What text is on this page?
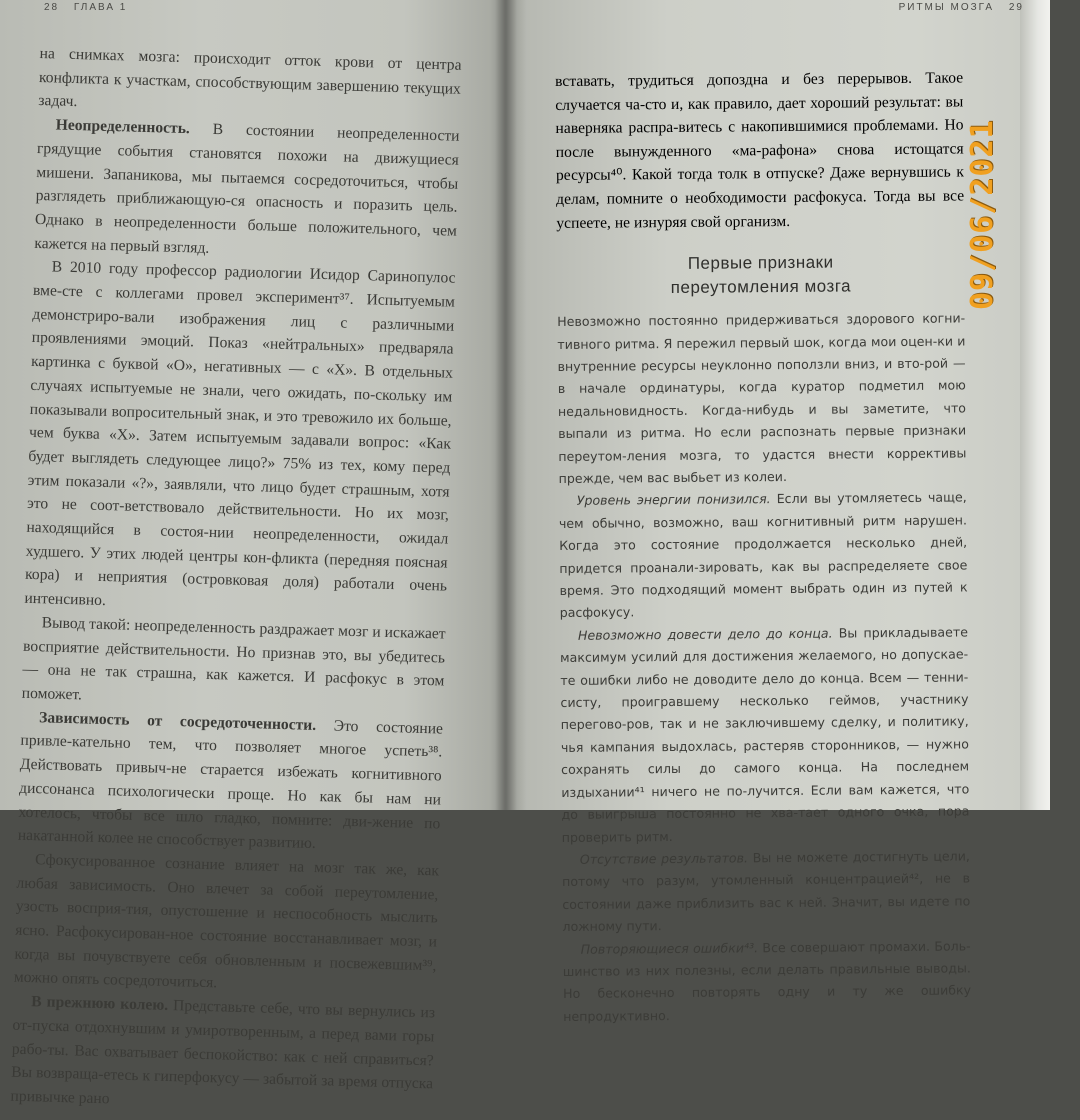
28 ГЛАВА 1

на снимках мозга: происходит отток крови от центра конфликта к участкам, способствующим завершению текущих задач.

Неопределенность. В состоянии неопределенности грядущие события становятся похожи на движущиеся мишени. Запаникова, мы пытаемся сосредоточиться, чтобы разглядеть приближающую-ся опасность и поразить цель. Однако в неопределенности больше положительного, чем кажется на первый взгляд.

В 2010 году профессор радиологии Исидор Саринопулос вме-сте с коллегами провел эксперимент³⁷. Испытуемым демонстриро-вали изображения лиц с различными проявлениями эмоций. Показ «нейтральных» предваряла картинка с буквой «О», негативных — с «Х». В отдельных случаях испытуемые не знали, чего ожидать, по-скольку им показывали вопросительный знак, и это тревожило их больше, чем буква «Х». Затем испытуемым задавали вопрос: «Как будет выглядеть следующее лицо?» 75% из тех, кому перед этим показали «?», заявляли, что лицо будет страшным, хотя это не соот-ветствовало действительности. Но их мозг, находящийся в состоя-нии неопределенности, ожидал худшего. У этих людей центры кон-фликта (передняя поясная кора) и неприятия (островковая доля) работали очень интенсивно.

Вывод такой: неопределенность раздражает мозг и искажает восприятие действительности. Но признав это, вы убедитесь — она не так страшна, как кажется. И расфокус в этом поможет.

Зависимость от сосредоточенности. Это состояние привле-кательно тем, что позволяет многое успеть³⁸. Действовать привыч-не старается избежать когнитивного диссонанса психологически проще. Но как бы нам ни хотелось, чтобы все шло гладко, помните: дви-жение по накатанной колее не способствует развитию.

Сфокусированное сознание влияет на мозг так же, как любая зависимость. Оно влечет за собой переутомление, узость восприя-тия, опустошение и неспособность мыслить ясно. Расфокусирован-ное состояние восстанавливает мозг, и когда вы почувствуете себя обновленным и посвежевшим³⁹, можно опять сосредоточиться.

В прежнюю колею. Представьте себе, что вы вернулись из от-пуска отдохнувшим и умиротворенным, а перед вами горы рабо-ты. Вас охватывает беспокойство: как с ней справиться? Вы возвраща-етесь к гиперфокусу — забытой за время отпуска привычке рано

РИТМЫ МОЗГА 29

вставать, трудиться допоздна и без перерывов. Такое случается ча-сто и, как правило, дает хороший результат: вы наверняка распра-витесь с накопившимися проблемами. Но после вынужденного «ма-рафона» снова истощатся ресурсы⁴⁰. Какой тогда толк в отпуске? Даже вернувшись к делам, помните о необходимости расфокуса. Тогда вы все успеете, не изнуряя свой организм.

Первые признаки
переутомления мозга

Невозможно постоянно придерживаться здорового когни-тивного ритма. Я пережил первый шок, когда мои оцен-ки и внутренние ресурсы неуклонно поползли вниз, и вто-рой — в начале ординатуры, когда куратор подметил мою недальновидность. Когда-нибудь и вы заметите, что выпали из ритма. Но если распознать первые признаки переутом-ления мозга, то удастся внести коррективы прежде, чем вас выбьет из колеи.

Уровень энергии понизился. Если вы утомляетесь чаще, чем обычно, возможно, ваш когнитивный ритм нарушен. Когда это состояние продолжается несколько дней, придется проанали-зировать, как вы распределяете свое время. Это подходящий момент выбрать один из путей к расфокусу.

Невозможно довести дело до конца. Вы прикладываете максимум усилий для достижения желаемого, но допускае-те ошибки либо не доводите дело до конца. Всем — тенни-систу, проигравшему несколько геймов, участнику перегово-ров, так и не заключившему сделку, и политику, чья кампания выдохлась, растеряв сторонников, — нужно сохранять силы до самого конца. На последнем издыхании⁴¹ ничего не по-лучится. Если вам кажется, что до выигрыша постоянно не хва-тает одного очка, пора проверить ритм.

Отсутствие результатов. Вы не можете достигнуть цели, потому что разум, утомленный концентрацией⁴², не в состоянии даже приблизить вас к ней. Значит, вы идете по ложному пути.

Повторяющиеся ошибки⁴³. Все совершают промахи. Боль-шинство из них полезны, если делать правильные выводы. Но бесконечно повторять одну и ту же ошибку непродуктивно.

09/06/2021
